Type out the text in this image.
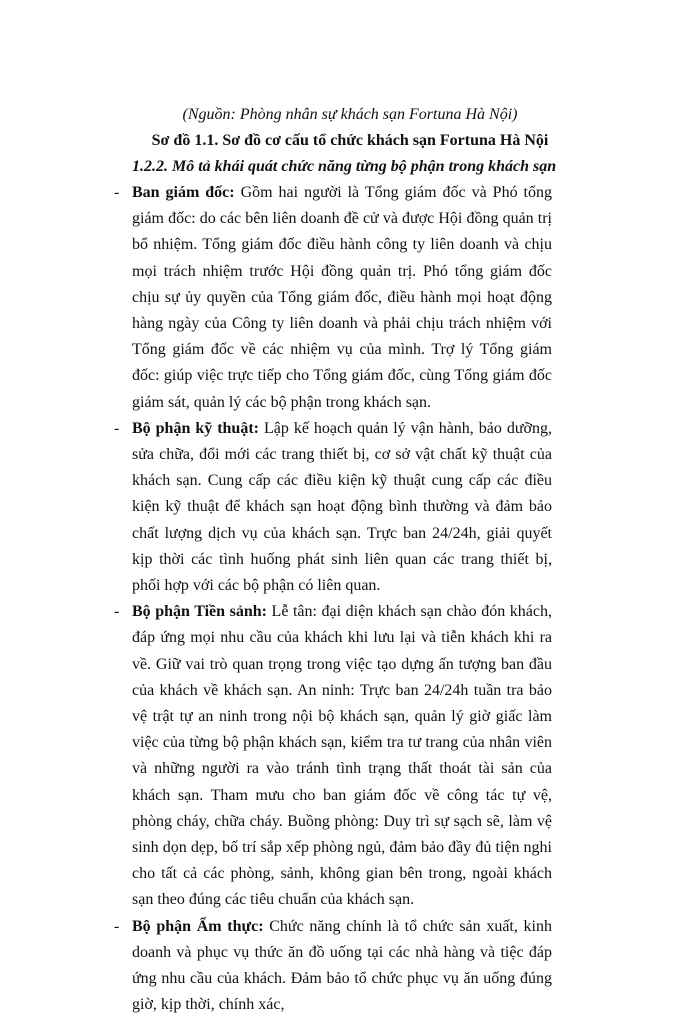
(Nguồn: Phòng nhân sự khách sạn Fortuna Hà Nội)
Sơ đồ 1.1. Sơ đồ cơ cấu tổ chức khách sạn Fortuna Hà Nội
1.2.2. Mô tả khái quát chức năng từng bộ phận trong khách sạn
- Ban giám đốc: Gồm hai người là Tổng giám đốc và Phó tổng giám đốc: do các bên liên doanh đề cử và được Hội đồng quản trị bổ nhiệm. Tổng giám đốc điều hành công ty liên doanh và chịu mọi trách nhiệm trước Hội đồng quản trị. Phó tổng giám đốc chịu sự ủy quyền của Tổng giám đốc, điều hành mọi hoạt động hàng ngày của Công ty liên doanh và phải chịu trách nhiệm với Tổng giám đốc về các nhiệm vụ của mình. Trợ lý Tổng giám đốc: giúp việc trực tiếp cho Tổng giám đốc, cùng Tổng giám đốc giám sát, quản lý các bộ phận trong khách sạn.
- Bộ phận kỹ thuật: Lập kế hoạch quản lý vận hành, bảo dưỡng, sửa chữa, đổi mới các trang thiết bị, cơ sở vật chất kỹ thuật của khách sạn. Cung cấp các điều kiện kỹ thuật cung cấp các điều kiện kỹ thuật để khách sạn hoạt động bình thường và đảm bảo chất lượng dịch vụ của khách sạn. Trực ban 24/24h, giải quyết kịp thời các tình huống phát sinh liên quan các trang thiết bị, phối hợp với các bộ phận có liên quan.
- Bộ phận Tiền sảnh: Lễ tân: đại diện khách sạn chào đón khách, đáp ứng mọi nhu cầu của khách khi lưu lại và tiễn khách khi ra về. Giữ vai trò quan trọng trong việc tạo dựng ấn tượng ban đầu của khách về khách sạn. An ninh: Trực ban 24/24h tuần tra bảo vệ trật tự an ninh trong nội bộ khách sạn, quản lý giờ giấc làm việc của từng bộ phận khách sạn, kiểm tra tư trang của nhân viên và những người ra vào tránh tình trạng thất thoát tài sản của khách sạn. Tham mưu cho ban giám đốc về công tác tự vệ, phòng cháy, chữa cháy. Buồng phòng: Duy trì sự sạch sẽ, làm vệ sinh dọn dẹp, bố trí sắp xếp phòng ngủ, đảm bảo đầy đủ tiện nghi cho tất cả các phòng, sảnh, không gian bên trong, ngoài khách sạn theo đúng các tiêu chuẩn của khách sạn.
- Bộ phận Ẩm thực: Chức năng chính là tổ chức sản xuất, kinh doanh và phục vụ thức ăn đồ uống tại các nhà hàng và tiệc đáp ứng nhu cầu của khách. Đảm bảo tổ chức phục vụ ăn uống đúng giờ, kịp thời, chính xác,
